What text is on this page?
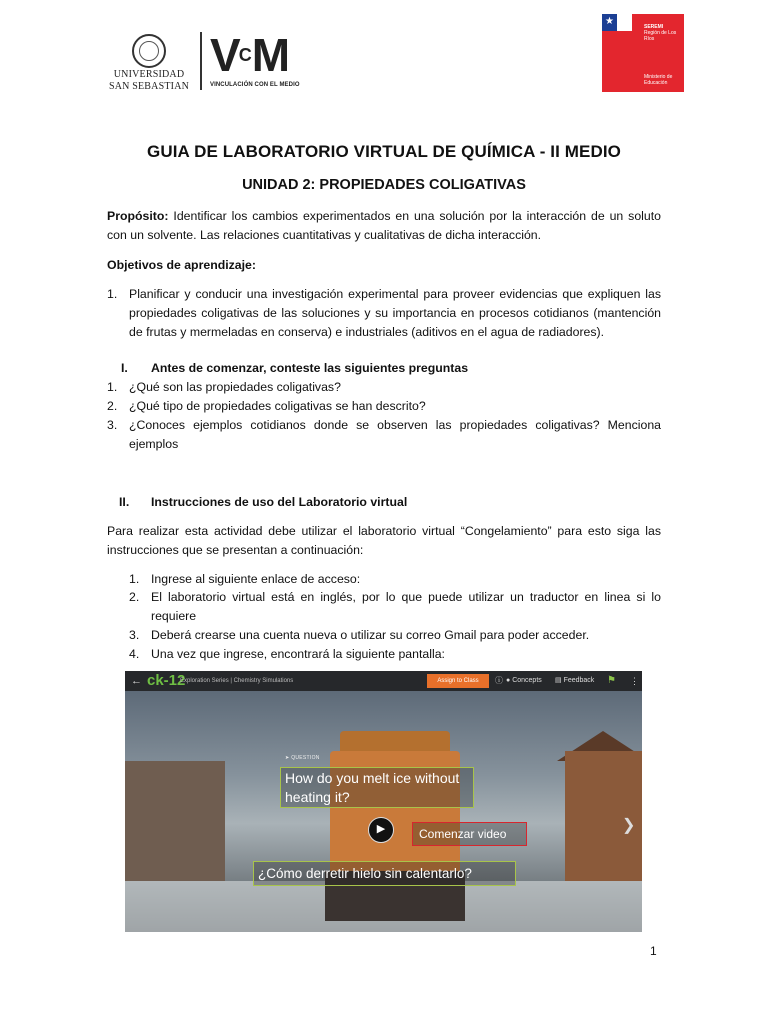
UNIVERSIDAD
SAN SEBASTIAN
$V^CM$
VINCULACIÓN CON EL MEDIO
★	SEREMI
Región de Los Ríos
Ministerio de Educación
GUIA DE LABORATORIO VIRTUAL DE QUÍMICA - II MEDIO
UNIDAD 2: PROPIEDADES COLIGATIVAS
Propósito: Identificar los cambios experimentados en una solución por la interacción de un soluto con un solvente. Las relaciones cuantitativas y cualitativas de dicha interacción.
Objetivos de aprendizaje:
1. Planificar y conducir una investigación experimental para proveer evidencias que expliquen las propiedades coligativas de las soluciones y su importancia en procesos cotidianos (mantención de frutas y mermeladas en conserva) e industriales (aditivos en el agua de radiadores).
I. Antes de comenzar, conteste las siguientes preguntas
1. ¿Qué son las propiedades coligativas?
2. ¿Qué tipo de propiedades coligativas se han descrito?
3. ¿Conoces ejemplos cotidianos donde se observen las propiedades coligativas? Menciona ejemplos
II. Instrucciones de uso del Laboratorio virtual
Para realizar esta actividad debe utilizar el laboratorio virtual “Congelamiento” para esto siga las instrucciones que se presentan a continuación:
1. Ingrese al siguiente enlace de acceso:
2. El laboratorio virtual está en inglés, por lo que puede utilizar un traductor en linea si lo requiere
3. Deberá crearse una cuenta nueva o utilizar su correo Gmail para poder acceder.
4. Una vez que ingrese, encontrará la siguiente pantalla:
➤ QUESTION
How do you melt ice without heating it?
▶	Comenzar video	❯
¿Cómo derretir hielo sin calentarlo?
← ck-12
Exploration Series | Chemistry Simulations	Assign to Class	ⓘ ● Concepts ▤ Feedback ⚑ ⋮
1
